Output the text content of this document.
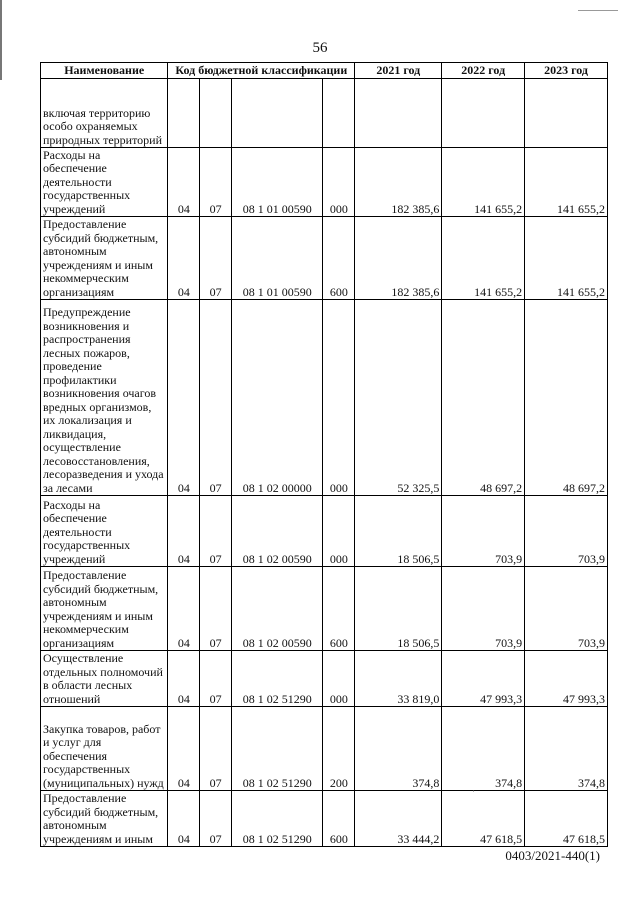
56
Наименование	Код бюджетной классификации				2021 год	2022 год	2023 год
включая территорию особо охраняемых природных территорий							
Расходы на обеспечение деятельности государственных учреждений	04	07	08 1 01 00590	000	182 385,6	141 655,2	141 655,2
Предоставление субсидий бюджетным, автономным учреждениям и иным некоммерческим организациям	04	07	08 1 01 00590	600	182 385,6	141 655,2	141 655,2
Предупреждение возникновения и распространения лесных пожаров, проведение профилактики возникновения очагов вредных организмов, их локализация и ликвидация, осуществление лесовосстановления, лесоразведения и ухода за лесами	04	07	08 1 02 00000	000	52 325,5	48 697,2	48 697,2
Расходы на обеспечение деятельности государственных учреждений	04	07	08 1 02 00590	000	18 506,5	703,9	703,9
Предоставление субсидий бюджетным, автономным учреждениям и иным некоммерческим организациям	04	07	08 1 02 00590	600	18 506,5	703,9	703,9
Осуществление отдельных полномочий в области лесных отношений	04	07	08 1 02 51290	000	33 819,0	47 993,3	47 993,3
Закупка товаров, работ и услуг для обеспечения государственных (муниципальных) нужд	04	07	08 1 02 51290	200	374,8	374,8	374,8
Предоставление субсидий бюджетным, автономным учреждениям и иным	04	07	08 1 02 51290	600	33 444,2	47 618,5	47 618,5
·
0403/2021-440(1)
